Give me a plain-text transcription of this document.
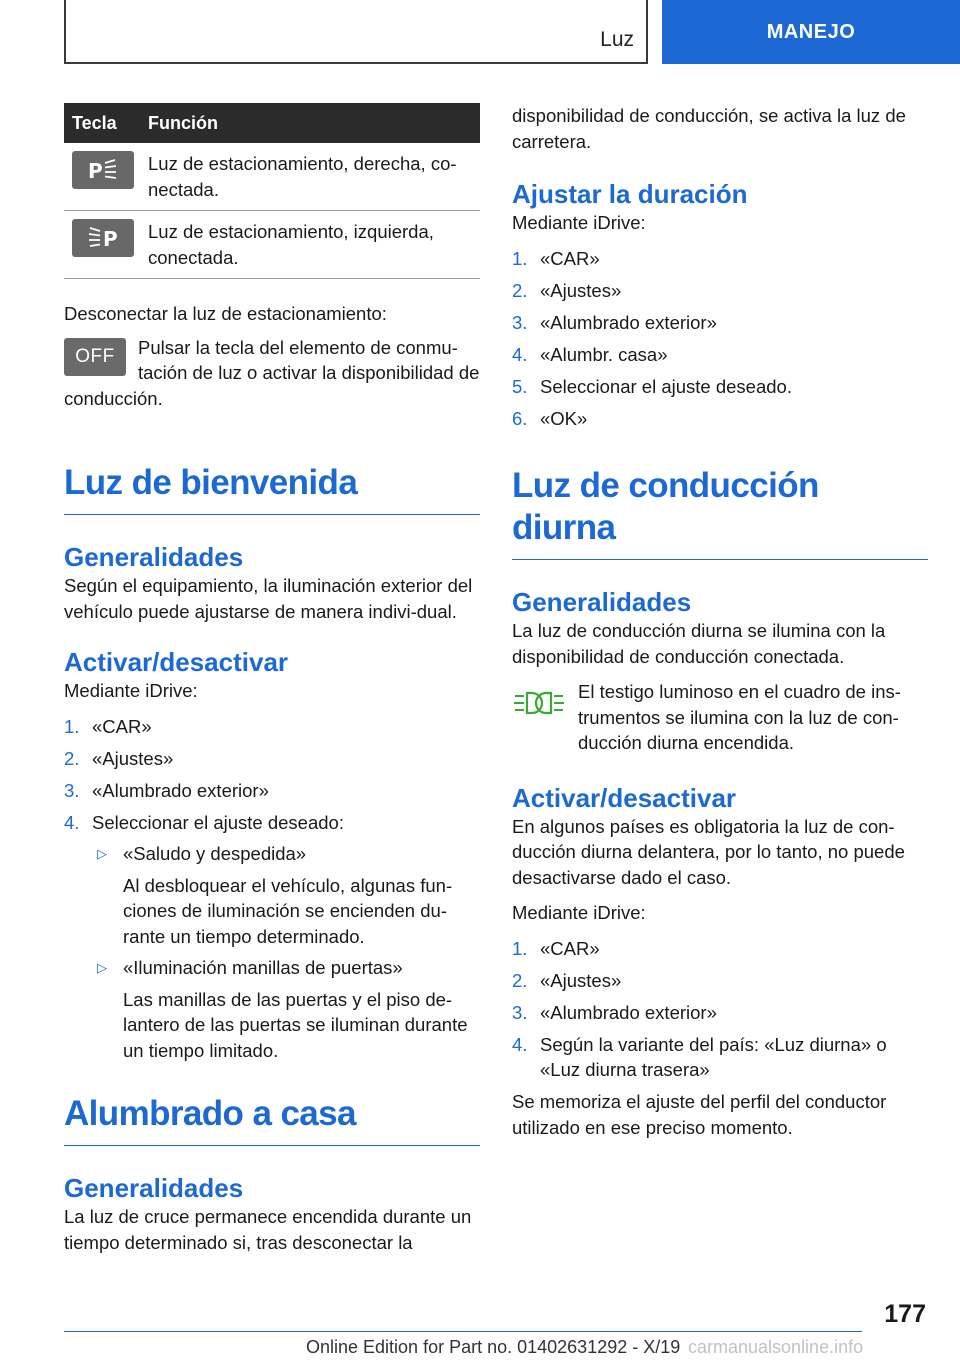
Luz	MANEJO
Tecla	Función

P	Luz de estacionamiento, derecha, co-nectada.

P	Luz de estacionamiento, izquierda, conectada.

Desconectar la luz de estacionamiento:

OFF	Pulsar la tecla del elemento de conmu-tación de luz o activar la disponibilidad de conducción.

Luz de bienvenida
Generalidades

Según el equipamiento, la iluminación exterior del vehículo puede ajustarse de manera indivi-dual.

Activar/desactivar

Mediante iDrive:

1. «CAR»
2. «Ajustes»
3. «Alumbrado exterior»
4. Seleccionar el ajuste deseado:
▷ «Saludo y despedida»
Al desbloquear el vehículo, algunas fun-ciones de iluminación se encienden du-rante un tiempo determinado.
▷ «Iluminación manillas de puertas»
Las manillas de las puertas y el piso de-lantero de las puertas se iluminan durante un tiempo limitado.
Alumbrado a casa
Generalidades

La luz de cruce permanece encendida durante un tiempo determinado si, tras desconectar la

disponibilidad de conducción, se activa la luz de carretera.

Ajustar la duración

Mediante iDrive:

1. «CAR»
2. «Ajustes»
3. «Alumbrado exterior»
4. «Alumbr. casa»
5. Seleccionar el ajuste deseado.
6. «OK»
Luz de conducción diurna
Generalidades

La luz de conducción diurna se ilumina con la disponibilidad de conducción conectada.

El testigo luminoso en el cuadro de ins-trumentos se ilumina con la luz de con-ducción diurna encendida.

Activar/desactivar

En algunos países es obligatoria la luz de con-ducción diurna delantera, por lo tanto, no puede desactivarse dado el caso.

Mediante iDrive:

1. «CAR»
2. «Ajustes»
3. «Alumbrado exterior»
4. Según la variante del país: «Luz diurna» o «Luz diurna trasera»

Se memoriza el ajuste del perfil del conductor utilizado en ese preciso momento.

177
Online Edition for Part no. 01402631292 - X/19 carmanualsonline.info
